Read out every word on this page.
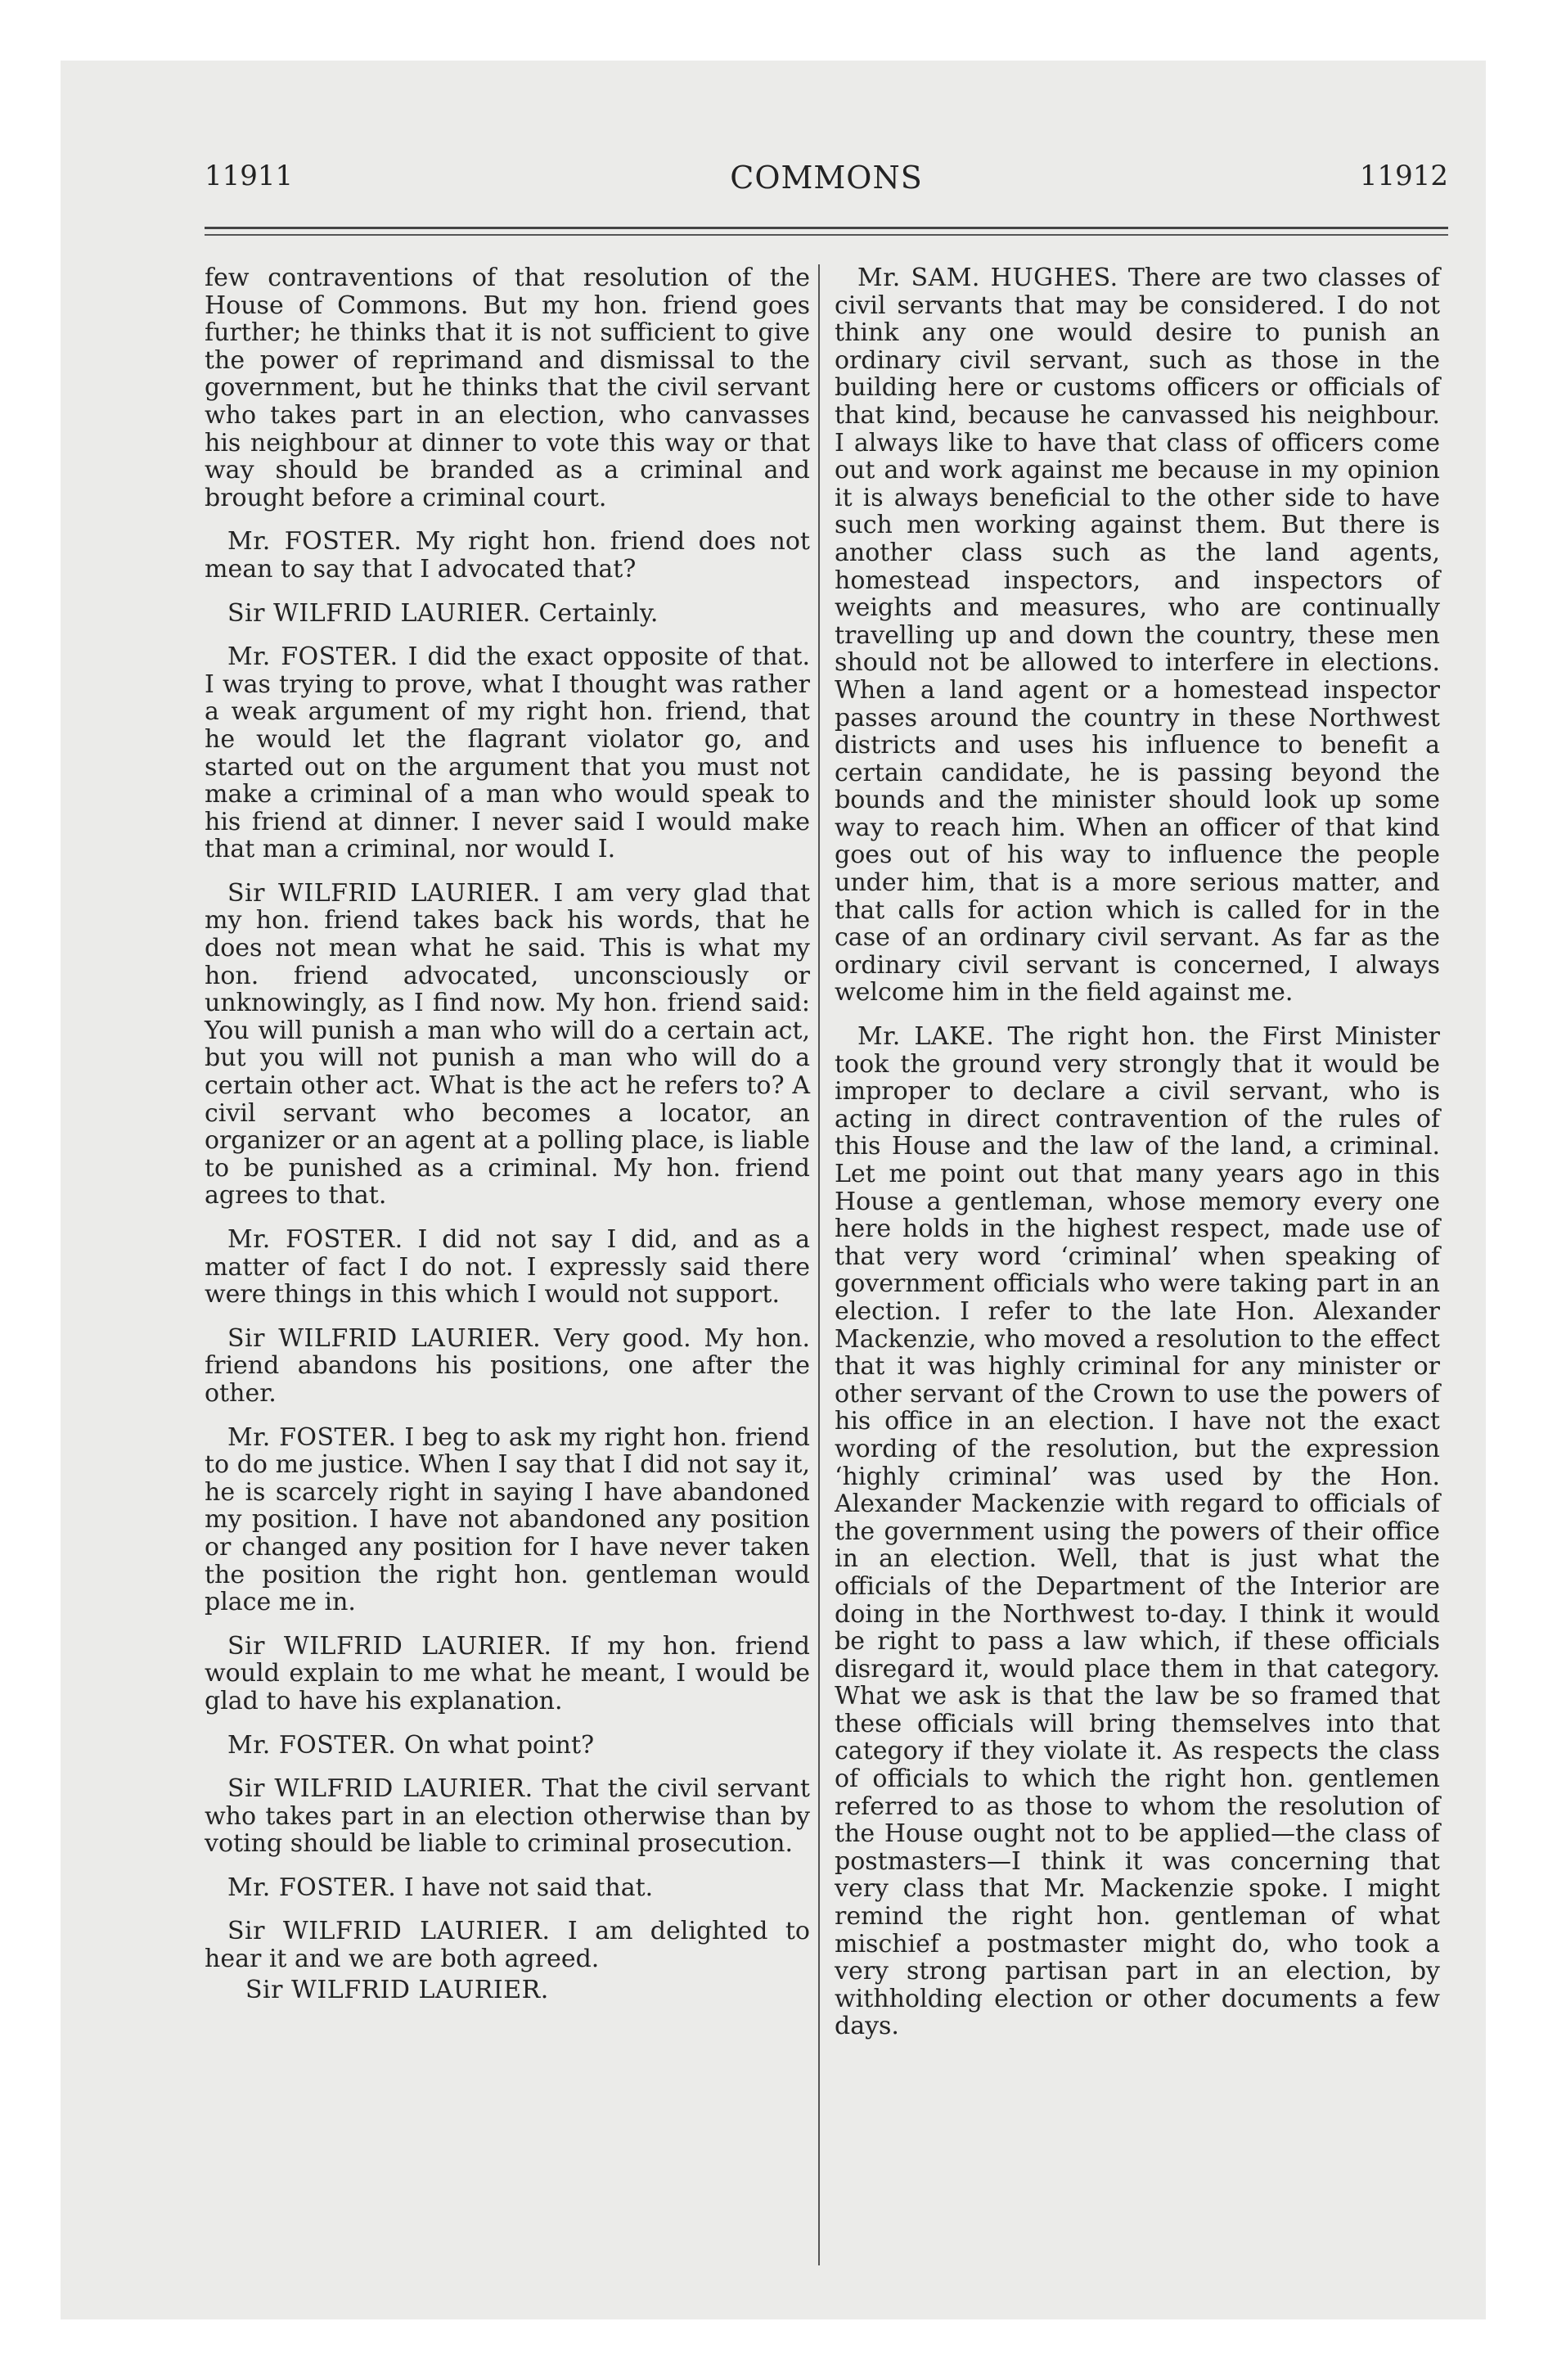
11911	COMMONS	11912

few contraventions of that resolution of the House of Commons. But my hon. friend goes further; he thinks that it is not sufficient to give the power of reprimand and dismissal to the government, but he thinks that the civil servant who takes part in an election, who canvasses his neighbour at dinner to vote this way or that way should be branded as a criminal and brought before a criminal court.

Mr. FOSTER. My right hon. friend does not mean to say that I advocated that?

Sir WILFRID LAURIER. Certainly.

Mr. FOSTER. I did the exact opposite of that. I was trying to prove, what I thought was rather a weak argument of my right hon. friend, that he would let the flagrant violator go, and started out on the argument that you must not make a criminal of a man who would speak to his friend at dinner. I never said I would make that man a criminal, nor would I.

Sir WILFRID LAURIER. I am very glad that my hon. friend takes back his words, that he does not mean what he said. This is what my hon. friend advocated, unconsciously or unknowingly, as I find now. My hon. friend said: You will punish a man who will do a certain act, but you will not punish a man who will do a certain other act. What is the act he refers to? A civil servant who becomes a locator, an organizer or an agent at a polling place, is liable to be punished as a criminal. My hon. friend agrees to that.

Mr. FOSTER. I did not say I did, and as a matter of fact I do not. I expressly said there were things in this which I would not support.

Sir WILFRID LAURIER. Very good. My hon. friend abandons his positions, one after the other.

Mr. FOSTER. I beg to ask my right hon. friend to do me justice. When I say that I did not say it, he is scarcely right in saying I have abandoned my position. I have not abandoned any position or changed any position for I have never taken the position the right hon. gentleman would place me in.

Sir WILFRID LAURIER. If my hon. friend would explain to me what he meant, I would be glad to have his explanation.

Mr. FOSTER. On what point?

Sir WILFRID LAURIER. That the civil servant who takes part in an election otherwise than by voting should be liable to criminal prosecution.

Mr. FOSTER. I have not said that.

Sir WILFRID LAURIER. I am delighted to hear it and we are both agreed.

Sir WILFRID LAURIER.

Mr. SAM. HUGHES. There are two classes of civil servants that may be considered. I do not think any one would desire to punish an ordinary civil servant, such as those in the building here or customs officers or officials of that kind, because he canvassed his neighbour. I always like to have that class of officers come out and work against me because in my opinion it is always beneficial to the other side to have such men working against them. But there is another class such as the land agents, homestead inspectors, and inspectors of weights and measures, who are continually travelling up and down the country, these men should not be allowed to interfere in elections. When a land agent or a homestead inspector passes around the country in these Northwest districts and uses his influence to benefit a certain candidate, he is passing beyond the bounds and the minister should look up some way to reach him. When an officer of that kind goes out of his way to influence the people under him, that is a more serious matter, and that calls for action which is called for in the case of an ordinary civil servant. As far as the ordinary civil servant is concerned, I always welcome him in the field against me.

Mr. LAKE. The right hon. the First Minister took the ground very strongly that it would be improper to declare a civil servant, who is acting in direct contravention of the rules of this House and the law of the land, a criminal. Let me point out that many years ago in this House a gentleman, whose memory every one here holds in the highest respect, made use of that very word ‘criminal’ when speaking of government officials who were taking part in an election. I refer to the late Hon. Alexander Mackenzie, who moved a resolution to the effect that it was highly criminal for any minister or other servant of the Crown to use the powers of his office in an election. I have not the exact wording of the resolution, but the expression ‘highly criminal’ was used by the Hon. Alexander Mackenzie with regard to officials of the government using the powers of their office in an election. Well, that is just what the officials of the Department of the Interior are doing in the Northwest to-day. I think it would be right to pass a law which, if these officials disregard it, would place them in that category. What we ask is that the law be so framed that these officials will bring themselves into that category if they violate it. As respects the class of officials to which the right hon. gentlemen referred to as those to whom the resolution of the House ought not to be applied—the class of postmasters—I think it was concerning that very class that Mr. Mackenzie spoke. I might remind the right hon. gentleman of what mischief a postmaster might do, who took a very strong partisan part in an election, by withholding election or other documents a few days.
